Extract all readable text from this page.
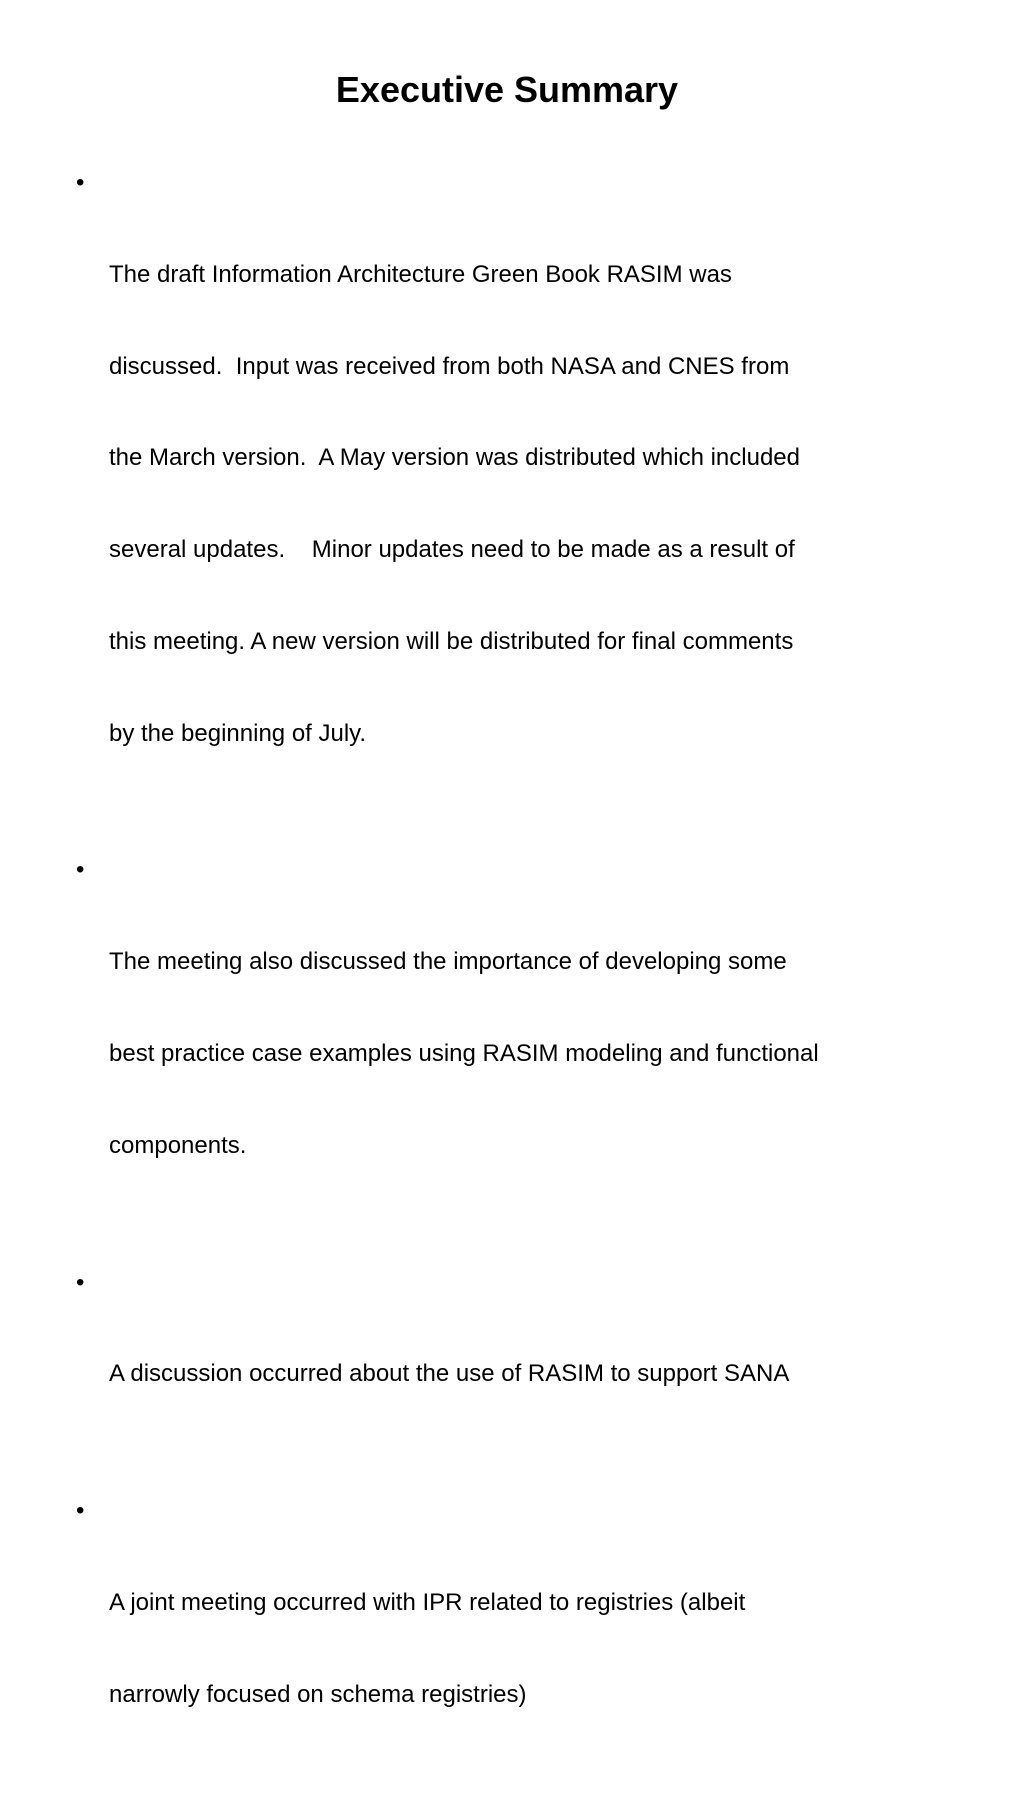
Executive Summary

•

The draft Information Architecture Green Book RASIM was

discussed.  Input was received from both NASA and CNES from

the March version.  A May version was distributed which included

several updates.    Minor updates need to be made as a result of

this meeting. A new version will be distributed for final comments

by the beginning of July.

•

The meeting also discussed the importance of developing some

best practice case examples using RASIM modeling and functional

components.

•

A discussion occurred about the use of RASIM to support SANA

•

A joint meeting occurred with IPR related to registries (albeit

narrowly focused on schema registries)
